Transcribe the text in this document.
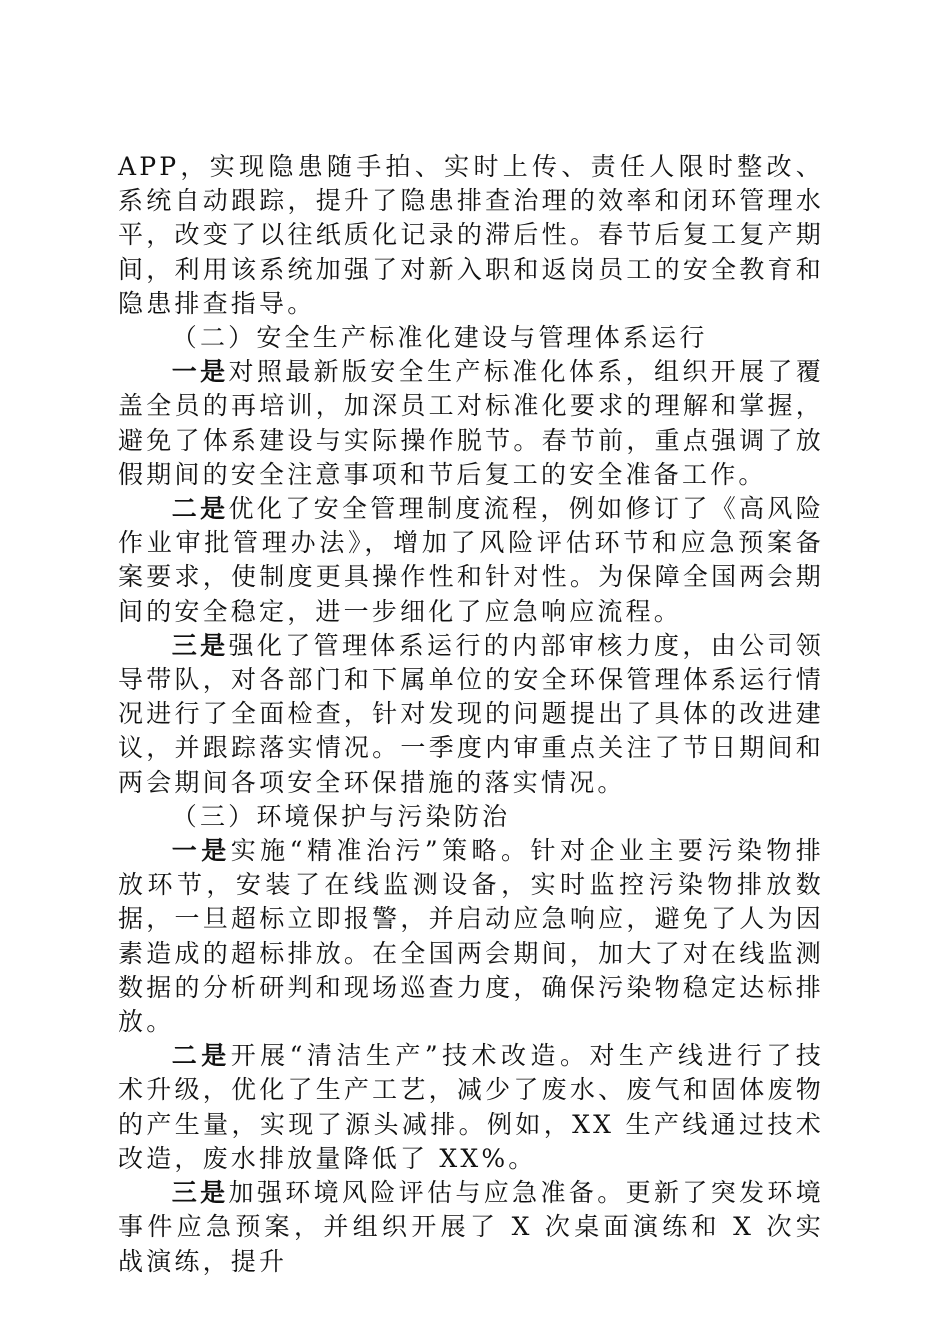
APP，实现隐患随手拍、实时上传、责任人限时整改、系统自动跟踪，提升了隐患排查治理的效率和闭环管理水平，改变了以往纸质化记录的滞后性。春节后复工复产期间，利用该系统加强了对新入职和返岗员工的安全教育和隐患排查指导。

（二）安全生产标准化建设与管理体系运行

一是对照最新版安全生产标准化体系，组织开展了覆盖全员的再培训，加深员工对标准化要求的理解和掌握，避免了体系建设与实际操作脱节。春节前，重点强调了放假期间的安全注意事项和节后复工的安全准备工作。

二是优化了安全管理制度流程，例如修订了《高风险作业审批管理办法》，增加了风险评估环节和应急预案备案要求，使制度更具操作性和针对性。为保障全国两会期间的安全稳定，进一步细化了应急响应流程。

三是强化了管理体系运行的内部审核力度，由公司领导带队，对各部门和下属单位的安全环保管理体系运行情况进行了全面检查，针对发现的问题提出了具体的改进建议，并跟踪落实情况。一季度内审重点关注了节日期间和两会期间各项安全环保措施的落实情况。

（三）环境保护与污染防治

一是实施“精准治污”策略。针对企业主要污染物排放环节，安装了在线监测设备，实时监控污染物排放数据，一旦超标立即报警，并启动应急响应，避免了人为因素造成的超标排放。在全国两会期间，加大了对在线监测数据的分析研判和现场巡查力度，确保污染物稳定达标排放。

二是开展“清洁生产”技术改造。对生产线进行了技术升级，优化了生产工艺，减少了废水、废气和固体废物的产生量，实现了源头减排。例如，XX 生产线通过技术改造，废水排放量降低了 XX%。

三是加强环境风险评估与应急准备。更新了突发环境事件应急预案，并组织开展了 X 次桌面演练和 X 次实战演练，提升
